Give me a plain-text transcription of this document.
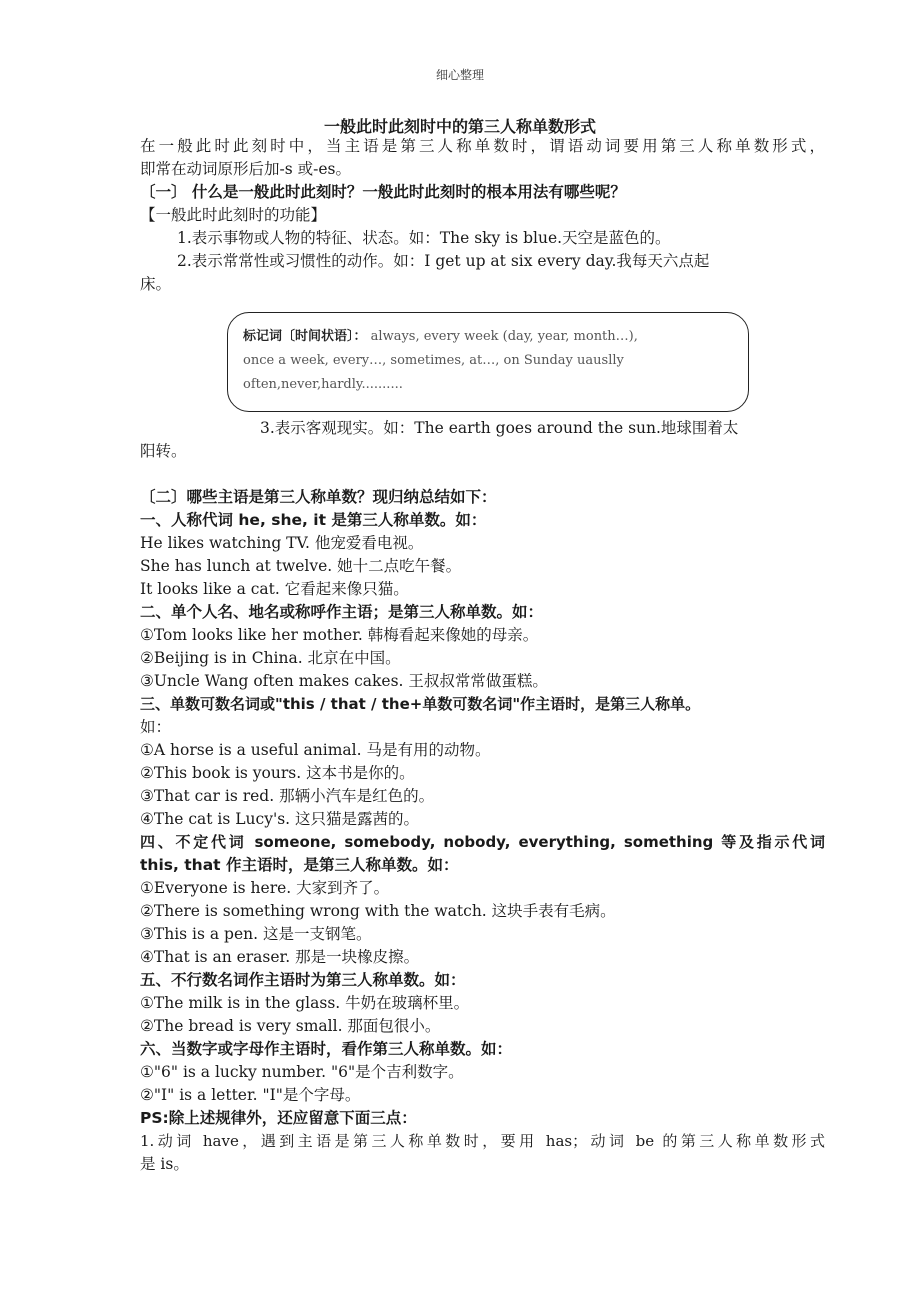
细心整理
一般此时此刻时中的第三人称单数形式
在一般此时此刻时中，当主语是第三人称单数时，谓语动词要用第三人称单数形式，
即常在动词原形后加-s 或-es。
〔一〕 什么是一般此时此刻时？一般此时此刻时的根本用法有哪些呢？
【一般此时此刻时的功能】
1.表示事物或人物的特征、状态。如：The sky is blue.天空是蓝色的。
2.表示常常性或习惯性的动作。如：I get up at six every day.我每天六点起
床。
标记词〔时间状语〕： always, every week (day, year, month…),
once a week, every…, sometimes, at…, on Sunday uauslly
often,never,hardly..........
3.表示客观现实。如：The earth goes around the sun.地球围着太
阳转。
〔二〕哪些主语是第三人称单数？现归纳总结如下：
一、人称代词 he, she, it 是第三人称单数。如：
He likes watching TV. 他宠爱看电视。
She has lunch at twelve. 她十二点吃午餐。
It looks like a cat. 它看起来像只猫。
二、单个人名、地名或称呼作主语；是第三人称单数。如：
①Tom looks like her mother. 韩梅看起来像她的母亲。
②Beijing is in China. 北京在中国。
③Uncle Wang often makes cakes. 王叔叔常常做蛋糕。
三、单数可数名词或"this / that / the+单数可数名词"作主语时，是第三人称单。
如：
①A horse is a useful animal. 马是有用的动物。
②This book is yours. 这本书是你的。
③That car is red. 那辆小汽车是红色的。
④The cat is Lucy's. 这只猫是露茜的。
四、不定代词 someone, somebody, nobody, everything, something 等及指示代词
this, that 作主语时，是第三人称单数。如：
①Everyone is here. 大家到齐了。
②There is something wrong with the watch. 这块手表有毛病。
③This is a pen. 这是一支钢笔。
④That is an eraser. 那是一块橡皮擦。
五、不行数名词作主语时为第三人称单数。如：
①The milk is in the glass. 牛奶在玻璃杯里。
②The bread is very small. 那面包很小。
六、当数字或字母作主语时，看作第三人称单数。如：
①"6" is a lucky number. "6"是个吉利数字。
②"I" is a letter. "I"是个字母。
PS:除上述规律外，还应留意下面三点：
1.动词 have，遇到主语是第三人称单数时，要用 has；动词 be 的第三人称单数形式
是 is。
